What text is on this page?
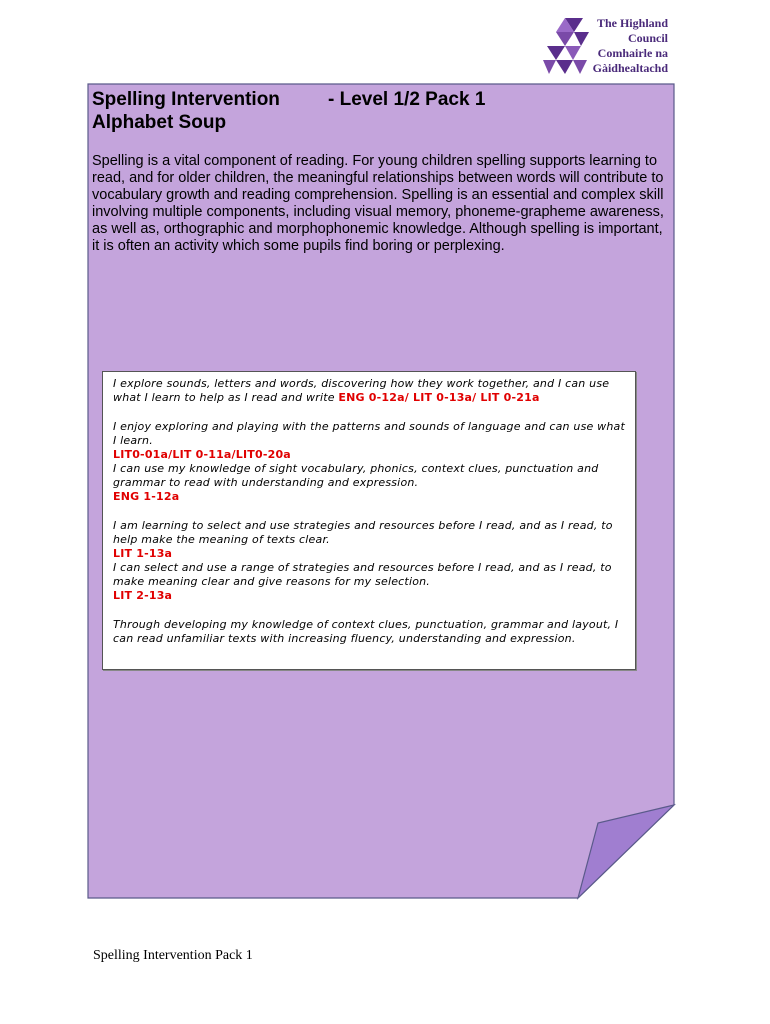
The Highland
Council
Comhairle na
Gàidhealtachd
Spelling Intervention	- Level 1/2 Pack 1
Alphabet Soup

Spelling is a vital component of reading. For young children spelling supports learning to read, and for older children, the meaningful relationships between words will contribute to vocabulary growth and reading comprehension. Spelling is an essential and complex skill involving multiple components, including visual memory, phoneme-grapheme awareness, as well as, orthographic and morphophonemic knowledge. Although spelling is important, it is often an activity which some pupils find boring or perplexing.

I explore sounds, letters and words, discovering how they work together, and I can use what I learn to help as I read and write ENG 0-12a/ LIT 0-13a/ LIT 0-21a

I enjoy exploring and playing with the patterns and sounds of language and can use what I learn.
LIT0-01a/LIT 0-11a/LIT0-20a

I can use my knowledge of sight vocabulary, phonics, context clues, punctuation and grammar to read with understanding and expression.
ENG 1-12a

I am learning to select and use strategies and resources before I read, and as I read, to help make the meaning of texts clear.
LIT 1-13a

I can select and use a range of strategies and resources before I read, and as I read, to make meaning clear and give reasons for my selection.
LIT 2-13a

Through developing my knowledge of context clues, punctuation, grammar and layout, I can read unfamiliar texts with increasing fluency, understanding and expression.

Spelling Intervention Pack 1
